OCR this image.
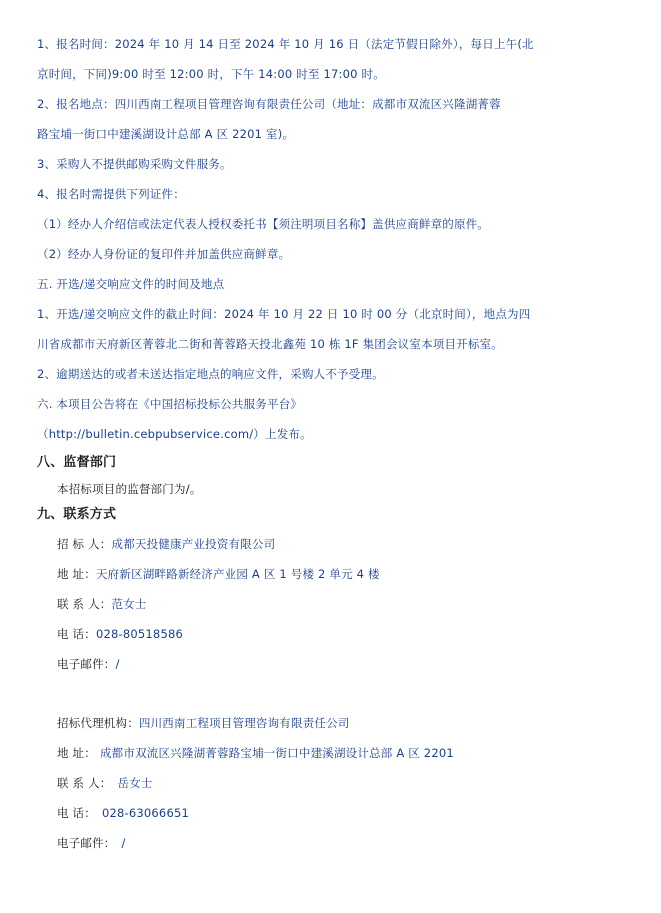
1、报名时间：2024 年 10 月 14 日至 2024 年 10 月 16 日（法定节假日除外），每日上午(北
京时间，下同)9:00 时至 12:00 时，下午 14:00 时至 17:00 时。
2、报名地点：四川西南工程项目管理咨询有限责任公司（地址：成都市双流区兴隆湖菁蓉
路宝埔一街口中建溪湖设计总部 A 区 2201 室)。
3、采购人不提供邮购采购文件服务。
4、报名时需提供下列证件：
（1）经办人介绍信或法定代表人授权委托书【须注明项目名称】盖供应商鲜章的原件。
（2）经办人身份证的复印件并加盖供应商鲜章。
五. 开选/递交响应文件的时间及地点
1、开选/递交响应文件的截止时间：2024 年 10 月 22 日 10 时 00 分（北京时间），地点为四
川省成都市天府新区菁蓉北二街和菁蓉路天投北鑫苑 10 栋 1F 集团会议室本项目开标室。
2、逾期送达的或者未送达指定地点的响应文件，采购人不予受理。
六. 本项目公告将在《中国招标投标公共服务平台》
（http://bulletin.cebpubservice.com/）上发布。
八、监督部门
本招标项目的监督部门为/。
九、联系方式
招 标 人：成都天投健康产业投资有限公司
地 址：天府新区湖畔路新经济产业园 A 区 1 号楼 2 单元 4 楼
联 系 人：范女士
电 话：028-80518586
电子邮件：/
招标代理机构：四川西南工程项目管理咨询有限责任公司
地 址： 成都市双流区兴隆湖菁蓉路宝埔一街口中建溪湖设计总部 A 区 2201
联 系 人： 岳女士
电 话： 028-63066651
电子邮件： /
